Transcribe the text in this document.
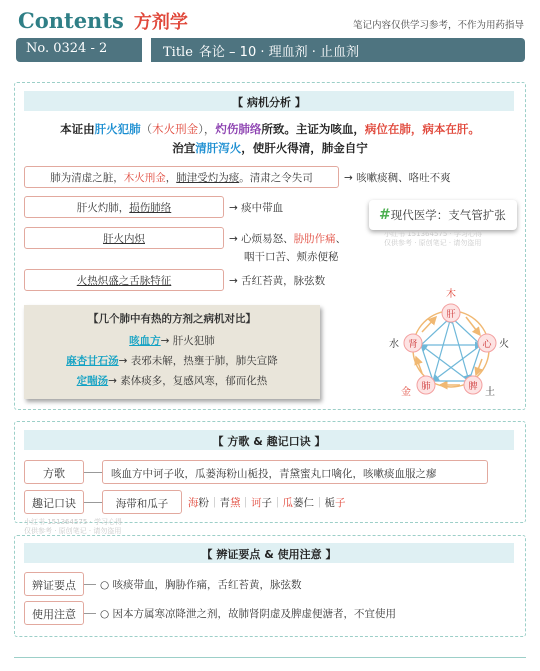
Contents 方剂学	笔记内容仅供学习参考，不作为用药指导
No. 0324 - 2	Title 各论 – 10 · 理血剂 · 止血剂
【 病机分析 】
本证由肝火犯肺（木火刑金），灼伤肺络所致。主证为咳血，病位在肺，病本在肝。
治宜清肝泻火，使肝火得清，肺金自宁
肺为清虚之脏，木火刑金，肺津受灼为痰。清肃之令失司	→ 咳嗽痰稠、咯吐不爽
肝火灼肺，损伤肺络	→ 痰中带血
肝火内炽	→ 心烦易怒、胁肋作痛、
咽干口苦、颊赤便秘
火热炽盛之舌脉特征	→ 舌红苔黄，脉弦数
#现代医学：支气管扩张
小红书 151364575 · 学习心得
仅供参考 · 原创笔记 · 请勿盗用
【几个肺中有热的方剂之病机对比】
咳血方→ 肝火犯肺
麻杏甘石汤→ 表邪未解，热壅于肺，肺失宣降
定喘汤→ 素体痰多，复感风寒，郁而化热
肝
木
心 火
脾 土
肺
金
肾
水
【 方歌 & 趣记口诀 】
方歌	咳血方中诃子收，瓜蒌海粉山栀投，青黛蜜丸口噙化，咳嗽痰血服之瘳
趣记口诀	海带和瓜子	海粉｜青黛｜诃子｜瓜蒌仁｜栀子
小红书 151364575 · 学习心得
仅供参考 · 原创笔记 · 请勿盗用
【 辨证要点 & 使用注意 】
辨证要点	○ 咳痰带血，胸胁作痛，舌红苔黄，脉弦数
使用注意	○ 因本方属寒凉降泄之剂，故肺肾阴虚及脾虚便溏者，不宜使用
